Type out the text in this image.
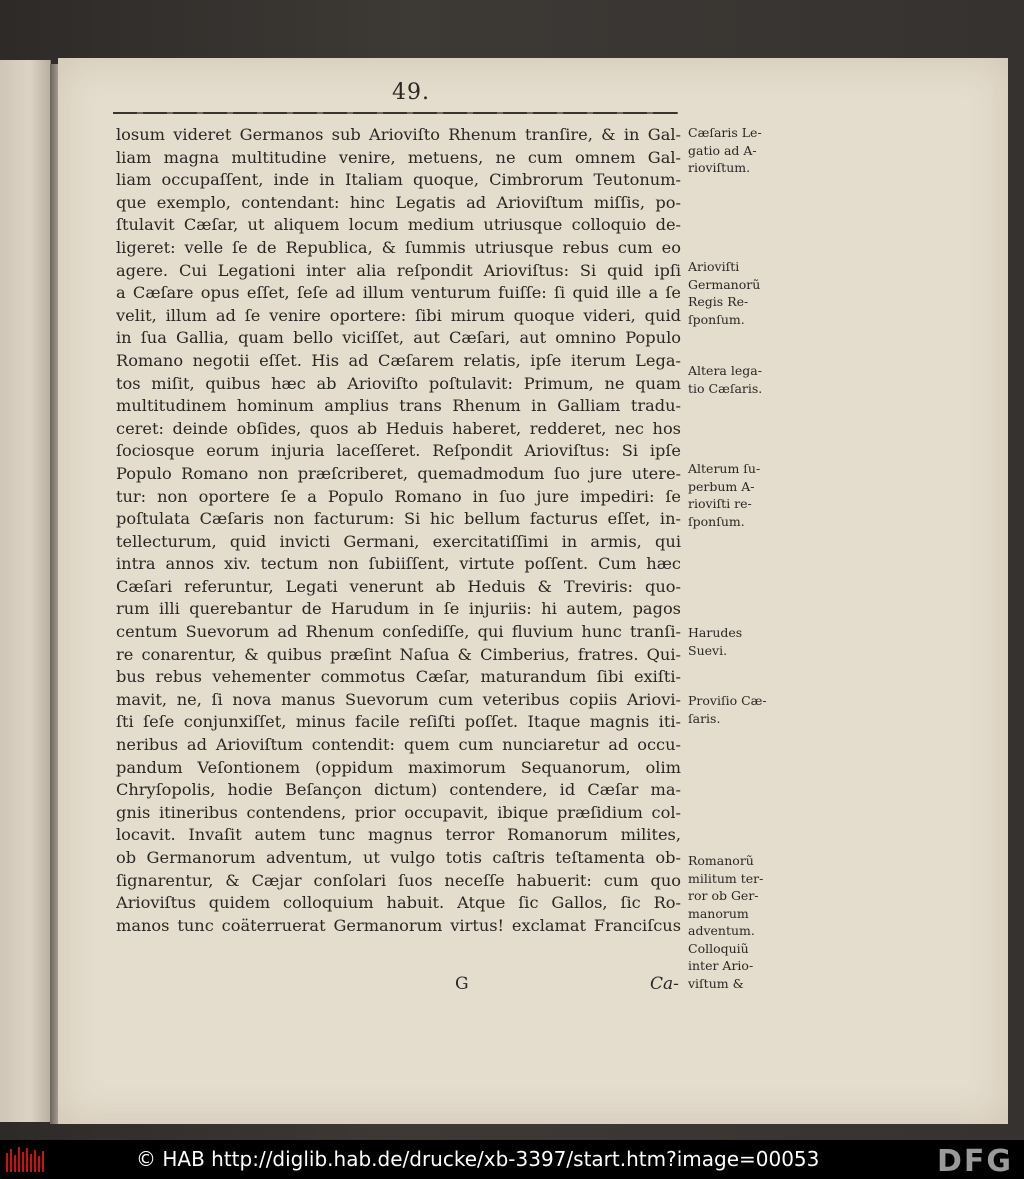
49.
losum videret Germanos sub Arioviſto Rhenum tranſire, & in Gal-
liam magna multitudine venire, metuens, ne cum omnem Gal-
liam occupaſſent, inde in Italiam quoque, Cimbrorum Teutonum-
que exemplo, contendant: hinc Legatis ad Arioviſtum miſſis, po-
ſtulavit Cæſar, ut aliquem locum medium utriusque colloquio de-
ligeret: velle ſe de Republica, & ſummis utriusque rebus cum eo
agere. Cui Legationi inter alia reſpondit Arioviſtus: Si quid ipſi
a Cæſare opus eſſet, ſeſe ad illum venturum fuiſſe: ſi quid ille a ſe
velit, illum ad ſe venire oportere: ſibi mirum quoque videri, quid
in ſua Gallia, quam bello viciſſet, aut Cæſari, aut omnino Populo
Romano negotii eſſet. His ad Cæſarem relatis, ipſe iterum Lega-
tos miſit, quibus hæc ab Arioviſto poſtulavit: Primum, ne quam
multitudinem hominum amplius trans Rhenum in Galliam tradu-
ceret: deinde obſides, quos ab Heduis haberet, redderet, nec hos
ſociosque eorum injuria laceſſeret. Reſpondit Arioviſtus: Si ipſe
Populo Romano non præſcriberet, quemadmodum ſuo jure utere-
tur: non oportere ſe a Populo Romano in ſuo jure impediri: ſe
poſtulata Cæſaris non facturum: Si hic bellum facturus eſſet, in-
tellecturum, quid invicti Germani, exercitatiſſimi in armis, qui
intra annos xiv. tectum non ſubiiſſent, virtute poſſent. Cum hæc
Cæſari referuntur, Legati venerunt ab Heduis & Treviris: quo-
rum illi querebantur de Harudum in ſe injuriis: hi autem, pagos
centum Suevorum ad Rhenum conſediſſe, qui fluvium hunc tranſi-
re conarentur, & quibus præſint Naſua & Cimberius, fratres. Qui-
bus rebus vehementer commotus Cæſar, maturandum ſibi exiſti-
mavit, ne, ſi nova manus Suevorum cum veteribus copiis Ariovi-
ſti ſeſe conjunxiſſet, minus facile reſiſti poſſet. Itaque magnis iti-
neribus ad Arioviſtum contendit: quem cum nunciaretur ad occu-
pandum Veſontionem (oppidum maximorum Sequanorum, olim
Chryſopolis, hodie Beſançon dictum) contendere, id Cæſar ma-
gnis itineribus contendens, prior occupavit, ibique præſidium col-
locavit. Invaſit autem tunc magnus terror Romanorum milites,
ob Germanorum adventum, ut vulgo totis caſtris teſtamenta ob-
ſignarentur, & Cæjar conſolari ſuos neceſſe habuerit: cum quo
Arioviſtus quidem colloquium habuit. Atque ſic Gallos, ſic Ro-
manos tunc coäterruerat Germanorum virtus! exclamat Franciſcus
Cæſaris Le-
gatio ad A-
rioviſtum.
Arioviſti
Germanorũ
Regis Re-
ſponſum.
Altera lega-
tio Cæſaris.
Alterum ſu-
perbum A-
rioviſti re-
ſponſum.
Harudes
Suevi.
Proviſio Cæ-
ſaris.
Romanorũ
militum ter-
ror ob Ger-
manorum
adventum.
Colloquiũ
inter Ario-
viſtum &
G	Ca-
© HAB http://diglib.hab.de/drucke/xb-3397/start.htm?image=00053	DFG
